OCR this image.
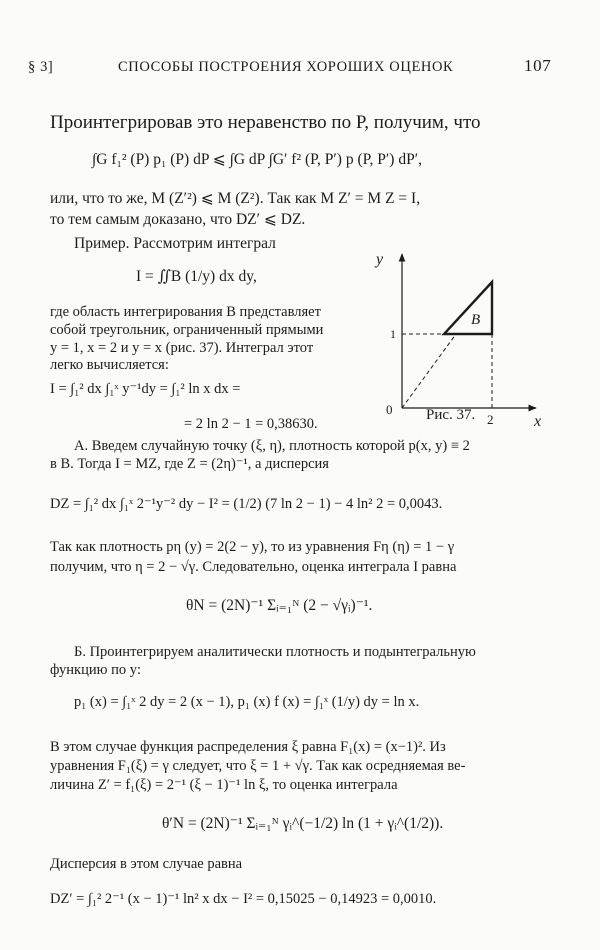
§ 3]	СПОСОБЫ ПОСТРОЕНИЯ ХОРОШИХ ОЦЕНОК	107
Проинтегрировав это неравенство по P, получим, что
∫G f₁² (P) p₁ (P) dP ⩽ ∫G dP ∫G′ f² (P, P′) p (P, P′) dP′,
или, что то же, M (Z′²) ⩽ M (Z²). Так как M Z′ = M Z = I,
то тем самым доказано, что DZ′ ⩽ DZ.
Пример. Рассмотрим интеграл
I = ∬B (1/y) dx dy,
где область интегрирования B представляет
собой треугольник, ограниченный прямыми
y = 1, x = 2 и y = x (рис. 37). Интеграл этот
легко вычисляется:
I = ∫₁² dx ∫₁ˣ y⁻¹dy = ∫₁² ln x dx =
= 2 ln 2 − 1 = 0,38630.
B
y
x
0
1
2
Рис. 37.
А. Введем случайную точку (ξ, η), плотность которой p(x, y) ≡ 2
в B. Тогда I = MZ, где Z = (2η)⁻¹, а дисперсия
DZ = ∫₁² dx ∫₁ˣ 2⁻¹y⁻² dy − I² = (1/2) (7 ln 2 − 1) − 4 ln² 2 = 0,0043.
Так как плотность pη (y) = 2(2 − y), то из уравнения Fη (η) = 1 − γ
получим, что η = 2 − √γ. Следовательно, оценка интеграла I равна
θN = (2N)⁻¹ Σᵢ₌₁ᴺ (2 − √γᵢ)⁻¹.
Б. Проинтегрируем аналитически плотность и подынтегральную
функцию по y:
p₁ (x) = ∫₁ˣ 2 dy = 2 (x − 1), p₁ (x) f (x) = ∫₁ˣ (1/y) dy = ln x.
В этом случае функция распределения ξ равна F₁(x) = (x−1)². Из
уравнения F₁(ξ) = γ следует, что ξ = 1 + √γ. Так как осредняемая ве-
личина Z′ = f₁(ξ) = 2⁻¹ (ξ − 1)⁻¹ ln ξ, то оценка интеграла
θ′N = (2N)⁻¹ Σᵢ₌₁ᴺ γᵢ^(−1/2) ln (1 + γᵢ^(1/2)).
Дисперсия в этом случае равна
DZ′ = ∫₁² 2⁻¹ (x − 1)⁻¹ ln² x dx − I² = 0,15025 − 0,14923 = 0,0010.
